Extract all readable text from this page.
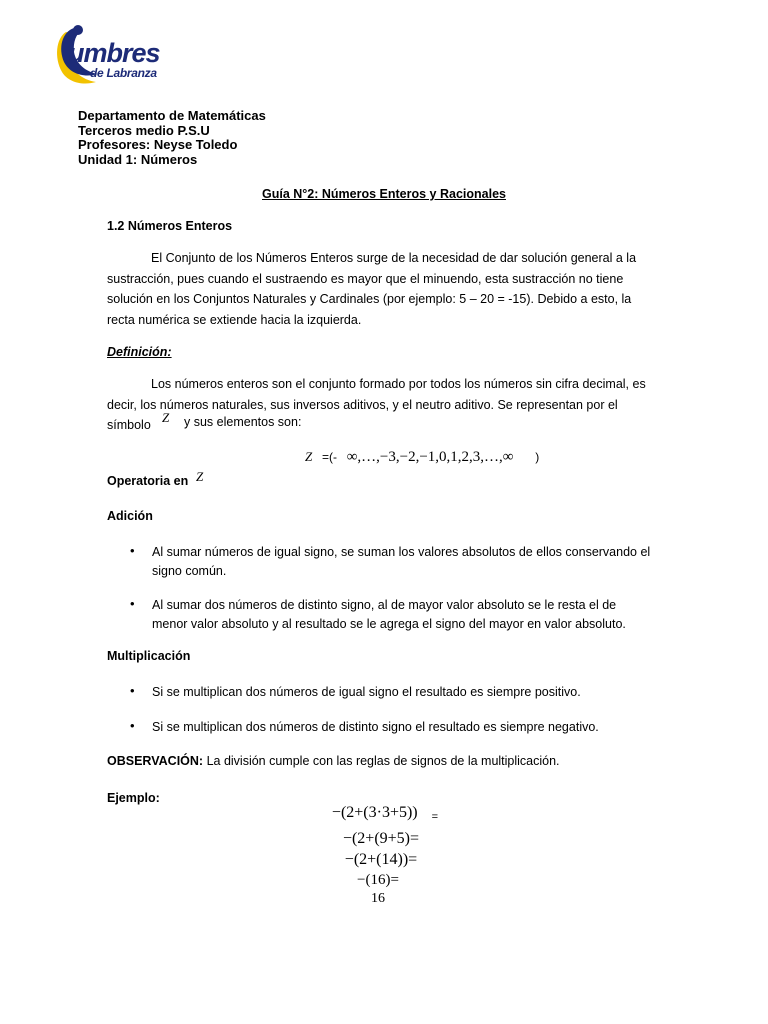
umbres
de Labranza
Departamento de Matemáticas
Terceros medio P.S.U
Profesores: Neyse Toledo
Unidad 1: Números
Guía N°2: Números Enteros y Racionales
1.2 Números Enteros
El Conjunto de los Números Enteros surge de la necesidad de dar solución general a la sustracción, pues cuando el sustraendo es mayor que el minuendo, esta sustracción no tiene solución en los Conjuntos Naturales y Cardinales (por ejemplo: 5 – 20 = -15). Debido a esto, la recta numérica se extiende hacia la izquierda.
Definición:
Los números enteros son el conjunto formado por todos los números sin cifra decimal, es decir, los números naturales, sus inversos aditivos, y el neutro aditivo. Se representan por el símbolo Z y sus elementos son:
Z =(- ∞,…,−3,−2,−1,0,1,2,3,…,∞ )
Operatoria en Z
Adición
• Al sumar números de igual signo, se suman los valores absolutos de ellos conservando el signo común.
• Al sumar dos números de distinto signo, al de mayor valor absoluto se le resta el de menor valor absoluto y al resultado se le agrega el signo del mayor en valor absoluto.
Multiplicación
• Si se multiplican dos números de igual signo el resultado es siempre positivo.
• Si se multiplican dos números de distinto signo el resultado es siempre negativo.
OBSERVACIÓN: La división cumple con las reglas de signos de la multiplicación.
Ejemplo:
−(2+(3·3+5)) =
−(2+(9+5)=
−(2+(14))=
−(16)=
16
